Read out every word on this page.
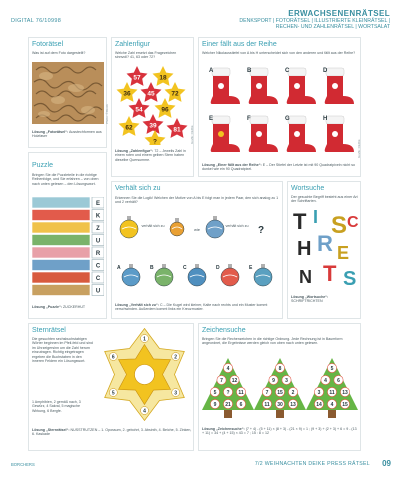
DIGITAL 76/10998
ERWACHSENENRÄTSEL
DENKSPORT | FOTORÄTSEL | ILLUSTRIERTE KLEINRÄTSEL | RECHEN- UND ZAHLENRÄTSEL | WORTSALAT
Fotorätsel
Was ist auf dem Foto dargestellt?
Photo: ©iStock
Lösung „Fotorätsel“: Ausstechformen aus Holzfaser
Zahlenfigur
Welche Zahl ersetzt das Fragezeichen sinnvoll? 41, 63 oder 72?
57	18
36	45	72
54	96
62	39
81
?	Grafik: DEIKE
Lösung „Zahlenfigur“: 72 – Jeweils Zahl in einem roten und einem gelben Stern haben dieselbe Quersumme.
Einer fällt aus der Reihe
Welcher Nikolausstiefel von A bis H unterscheidet sich von den anderen und fällt aus der Reihe?
A	B	C	D
E	F	G	H
Grafik: DEIKE
Lösung „Einer fällt aus der Reihe“: E – Der Stiefel der Letzte ist mit 90 Quadratpixeln nicht so dunkel wie ein 90 Quadratpixel.
Puzzle
Bringen Sie die Puzzleteile in die richtige Reihenfolge, und Sie erfahren – von oben nach unten gelesen – den Lösungswort.
E
K
Z
U
R
C
C
U
Lösung „Puzzle“: ZUCKERHUT
Verhält sich zu
Erkennen Sie die Logik! Welchen der Motive von A bis E folgt man in jedem Paar, den sich analog zu 1 und 2 verhält?
verhält sich zu
wie
verhält sich zu ?
A	B	C	D	E
Lösung „Verhält sich zu“: C – Die Kugel wird kleiner, Kalte nach rechts und ein Muster kommt verschwinden. Außerdem kommt links ein Kreuzmuster.
Wortsuche
Der gesuchte Begriff besteht aus einer Art der Schriftarten.
T I S C
H R E
N T S
Lösung „Wortsuche“: SCHRIFTRICHTEN
Sternrätsel
Die gesuchten sechsbuchstabigen Wörter beginnen im Pfeil-feld und sind im Uhrzeigersinn um die Zahl herum einzutragen. Richtig eingetragen ergeben die Buchstaben in den inneren Feldern ein Lösungswort.
1 Amphibien, 2 gemäß nach, 3 Gewürz, 4 Sakral, 5 magische Wirkung, 6 Bergfe.
1
2
3
4
5
6
Lösung „Sternrätsel“: NUSSTRUTZEN – 1. Opossum, 2. gebohrt, 3. Absinth, 4. Beiche, 5. Zinken, 6. Kaskade
Zeichensuche
Bringen Sie die Rechenzeichen in die richtige Ordnung. Jede Rechnung ist in Baumform angeordnet, die Ergebnisse werden gleich von oben nach unten gelesen.
4
7 12
5 ? 11
9 21 6
8
9 3
7 15 2
11 30 13
5
4 6
3 11 13
14 4 15
Lösung „Zeichensuche“: (7 + 4) - (5 + 11) × (8 + 3) - (21 × 9) = 1 ; (9 + 3) + (2 + 3) + 6 = 9 - (13 + 11) = 34 + (4 + 15) × 43 = 7 ; 15 : 8 = 12
BORCHERS	7/2 WEIHNACHTEN DEIKE PRESS RÄTSEL 09
